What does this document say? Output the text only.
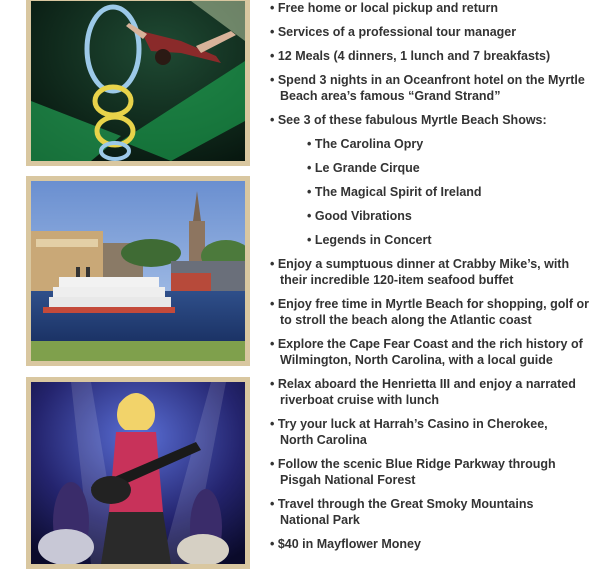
• Free home or local pickup and return
• Services of a professional tour manager
• 12 Meals (4 dinners, 1 lunch and 7 breakfasts)
• Spend 3 nights in an Oceanfront hotel on the Myrtle
Beach area’s famous “Grand Strand”
• See 3 of these fabulous Myrtle Beach Shows:
• The Carolina Opry
• Le Grande Cirque
• The Magical Spirit of Ireland
• Good Vibrations
• Legends in Concert
• Enjoy a sumptuous dinner at Crabby Mike’s, with
their incredible 120-item seafood buffet
• Enjoy free time in Myrtle Beach for shopping, golf or
to stroll the beach along the Atlantic coast
• Explore the Cape Fear Coast and the rich history of
Wilmington, North Carolina, with a local guide
• Relax aboard the Henrietta III and enjoy a narrated
riverboat cruise with lunch
• Try your luck at Harrah’s Casino in Cherokee,
North Carolina
• Follow the scenic Blue Ridge Parkway through
Pisgah National Forest
• Travel through the Great Smoky Mountains
National Park
• $40 in Mayflower Money
